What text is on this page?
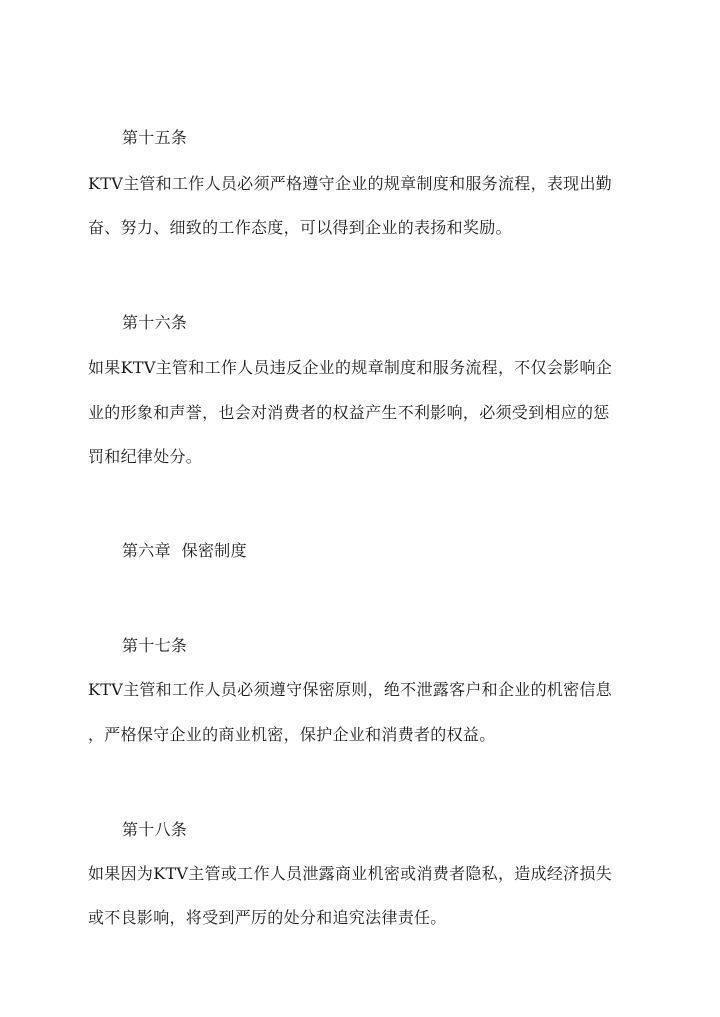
第十五条
KTV主管和工作人员必须严格遵守企业的规章制度和服务流程，表现出勤
奋、努力、细致的工作态度，可以得到企业的表扬和奖励。
第十六条
如果KTV主管和工作人员违反企业的规章制度和服务流程，不仅会影响企
业的形象和声誉，也会对消费者的权益产生不利影响，必须受到相应的惩
罚和纪律处分。
第六章  保密制度
第十七条
KTV主管和工作人员必须遵守保密原则，绝不泄露客户和企业的机密信息
，严格保守企业的商业机密，保护企业和消费者的权益。
第十八条
如果因为KTV主管或工作人员泄露商业机密或消费者隐私，造成经济损失
或不良影响，将受到严厉的处分和追究法律责任。
